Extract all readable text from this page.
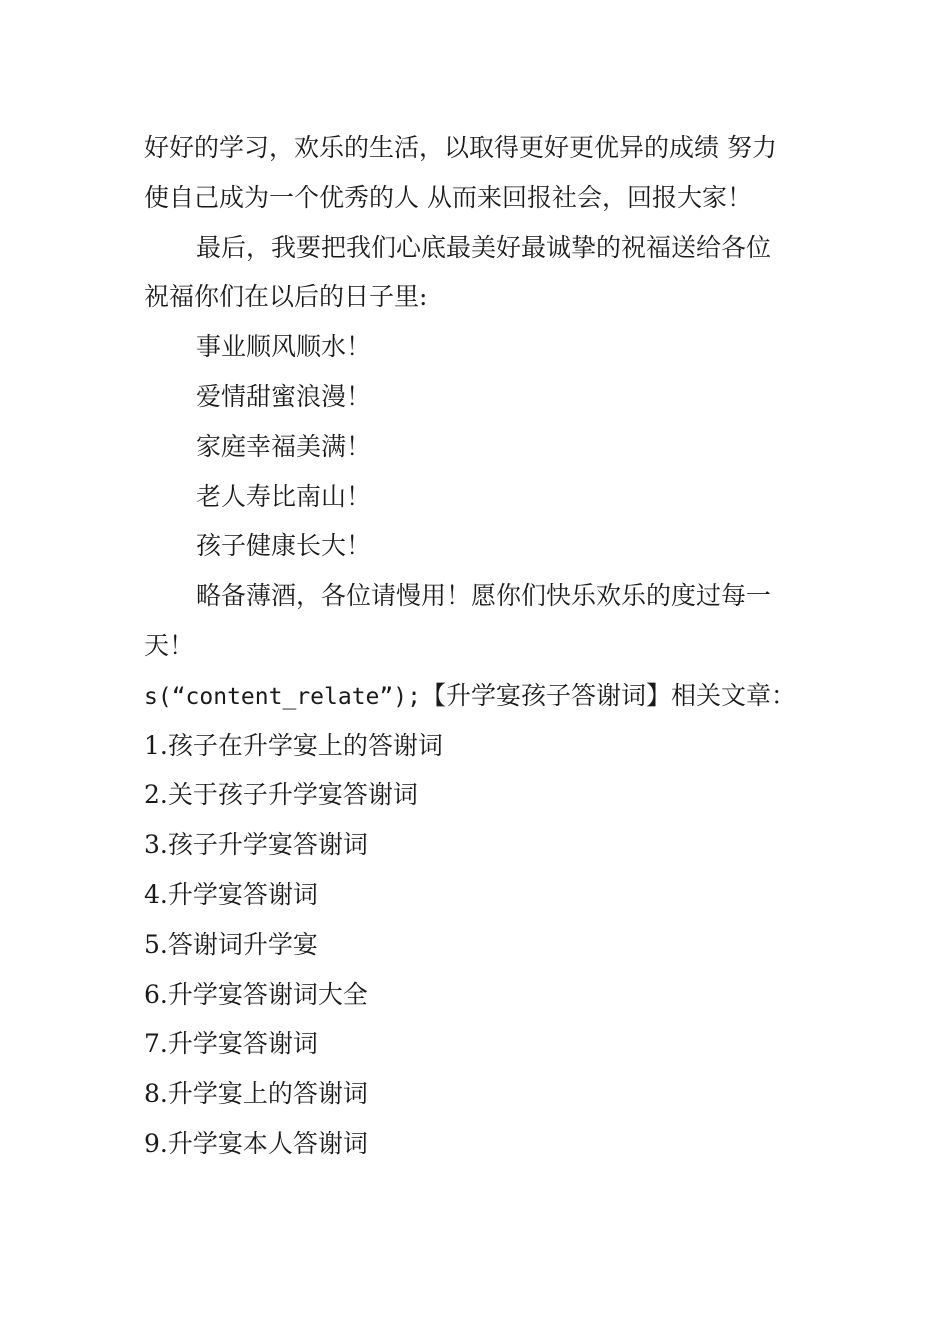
好好的学习，欢乐的生活，以取得更好更优异的成绩 努力
使自己成为一个优秀的人 从而来回报社会，回报大家！
最后，我要把我们心底最美好最诚挚的祝福送给各位
祝福你们在以后的日子里:
事业顺风顺水！
爱情甜蜜浪漫！
家庭幸福美满！
老人寿比南山！
孩子健康长大！
略备薄酒，各位请慢用！愿你们快乐欢乐的度过每一
天！
s(“content_relate”);【升学宴孩子答谢词】相关文章：
1.孩子在升学宴上的答谢词
2.关于孩子升学宴答谢词
3.孩子升学宴答谢词
4.升学宴答谢词
5.答谢词升学宴
6.升学宴答谢词大全
7.升学宴答谢词
8.升学宴上的答谢词
9.升学宴本人答谢词
